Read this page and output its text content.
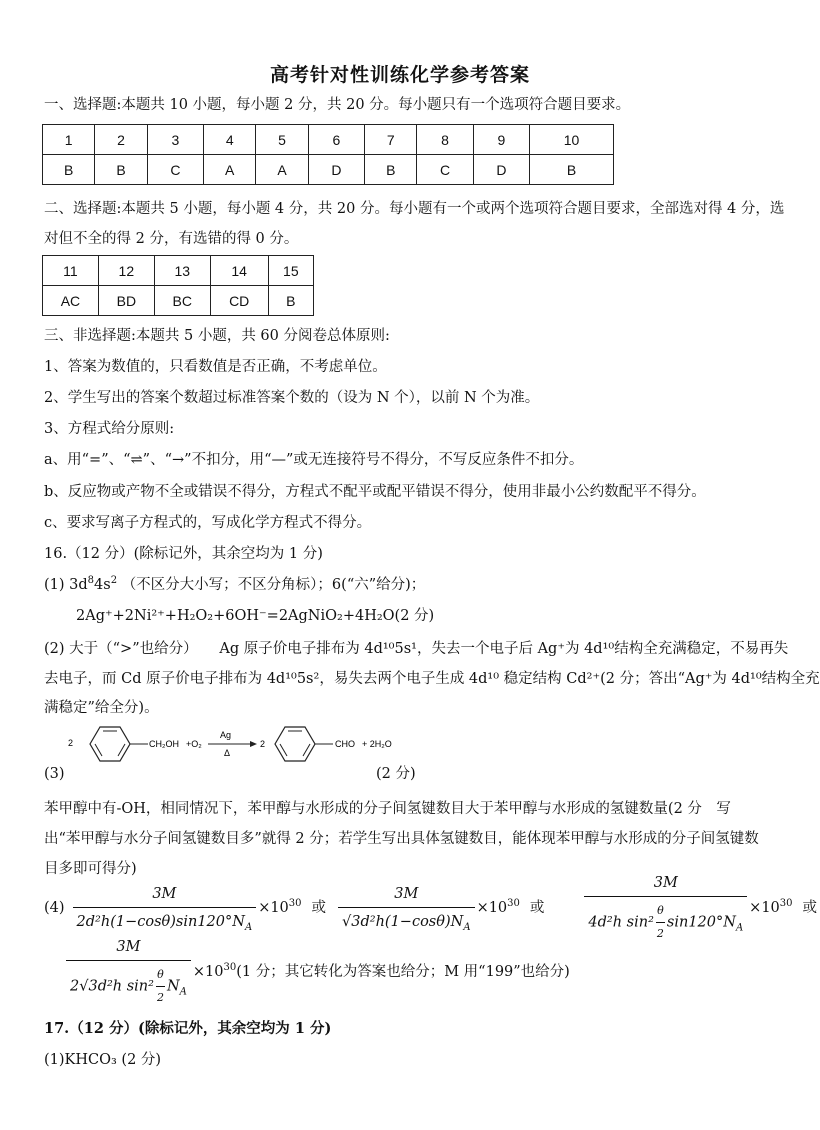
高考针对性训练化学参考答案
一、选择题:本题共 10 小题，每小题 2 分，共 20 分。每小题只有一个选项符合题目要求。
1	2	3	4	5	6	7	8	9	10
B	B	C	A	A	D	B	C	D	B
二、选择题:本题共 5 小题，每小题 4 分，共 20 分。每小题有一个或两个选项符合题目要求，全部选对得 4 分，选
对但不全的得 2 分，有选错的得 0 分。
11	12	13	14	15
AC	BD	BC	CD	B
三、非选择题:本题共 5 小题，共 60 分阅卷总体原则:
1、答案为数值的，只看数值是否正确，不考虑单位。
2、学生写出的答案个数超过标准答案个数的（设为 N 个），以前 N 个为准。
3、方程式给分原则:
a、用“=”、“⇌”、“→”不扣分，用“—”或无连接符号不得分，不写反应条件不扣分。
b、反应物或产物不全或错误不得分，方程式不配平或配平错误不得分，使用非最小公约数配平不得分。
c、要求写离子方程式的，写成化学方程式不得分。
16.（12 分）(除标记外，其余空均为 1 分)
(1) $3d^84s^2$ （不区分大小写；不区分角标）；6(“六”给分)；
2Ag⁺+2Ni²⁺+H₂O₂+6OH⁻=2AgNiO₂+4H₂O(2 分)
(2) 大于（“>”也给分）　　Ag 原子价电子排布为 4d¹⁰5s¹，失去一个电子后 Ag⁺为 4d¹⁰结构全充满稳定，不易再失
去电子，而 Cd 原子价电子排布为 4d¹⁰5s²，易失去两个电子生成 4d¹⁰ 稳定结构 Cd²⁺(2 分；答出“Ag⁺为 4d¹⁰结构全充
满稳定”给全分)。
2	CH₂OH +O₂
Ag
Δ
2	CHO + 2H₂O
(3)	(2 分)
苯甲醇中有-OH，相同情况下，苯甲醇与水形成的分子间氢键数目大于苯甲醇与水形成的氢键数量(2 分　写出“苯甲醇与水分子间氢键数目多”就得 2 分；若学生写出具体氢键数目，能体现苯甲醇与水形成的分子间氢键数目多即可得分)
$(4) \frac{3M}{2d^2h(1-\cos\theta)\sin 120^\circ N_A} \times 10^{30}$ 或 $\frac{3M}{√3d^2h(1-\cos\theta)N_A} \times 10^{30}$ 或	$\frac{3M}{4d^2h \sin^2 \frac{\theta}{2} \sin 120^\circ N_A} \times 10^{30}$ 或
$\frac{3M}{2√3d^2h \sin^2 \frac{\theta}{2} N_A} \times 10^{30}$ (1 分；其它转化为答案也给分；M 用“199”也给分)
17.（12 分）(除标记外，其余空均为 1 分)
(1)KHCO₃ (2 分)
